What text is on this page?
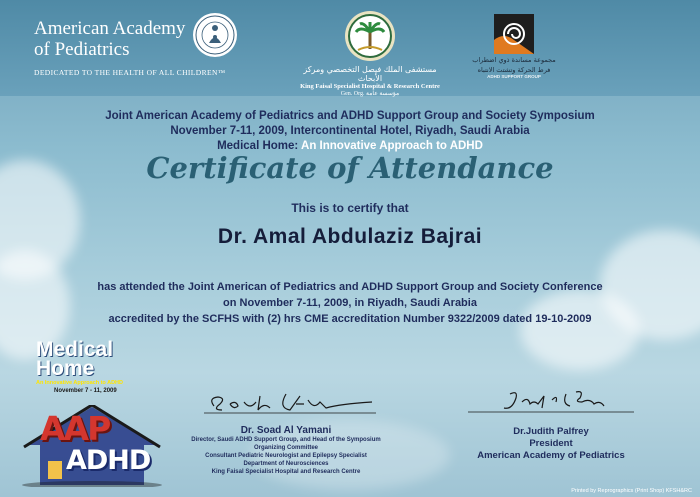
American Academy
of Pediatrics
DEDICATED TO THE HEALTH OF ALL CHILDREN™	مستشفى الملك فيصل التخصصي ومركز الأبحاث
King Faisal Specialist Hospital & Research Centre
Gen. Org. مؤسسة عامة
مجموعة مساندة ذوي اضطراب
فرط الحركة وتشتت الانتباه
ADHD SUPPORT GROUP
Joint American Academy of Pediatrics and ADHD Support Group and Society Symposium
November 7-11, 2009, Intercontinental Hotel, Riyadh, Saudi Arabia
Medical Home: An Innovative Approach to ADHD
Certificate of Attendance
This is to certify that
Dr. Amal Abdulaziz Bajrai
has attended the Joint American of Pediatrics and ADHD Support Group and Society Conference
on November 7-11, 2009, in Riyadh, Saudi Arabia
accredited by the SCFHS with (2) hrs CME accreditation Number 9322/2009 dated 19-10-2009
Medical
Home
An Innovative Approach to ADHD
November 7 - 11, 2009
AAP
ADHD
Dr. Soad Al Yamani
Director, Saudi ADHD Support Group, and Head of the Symposium
Organizing Committee
Consultant Pediatric Neurologist and Epilepsy Specialist
Department of Neurosciences
King Faisal Specialist Hospital and Research Centre
Dr.Judith Palfrey
President
American Academy of Pediatrics
Printed by Reprographics (Print Shop) KFSH&RC
